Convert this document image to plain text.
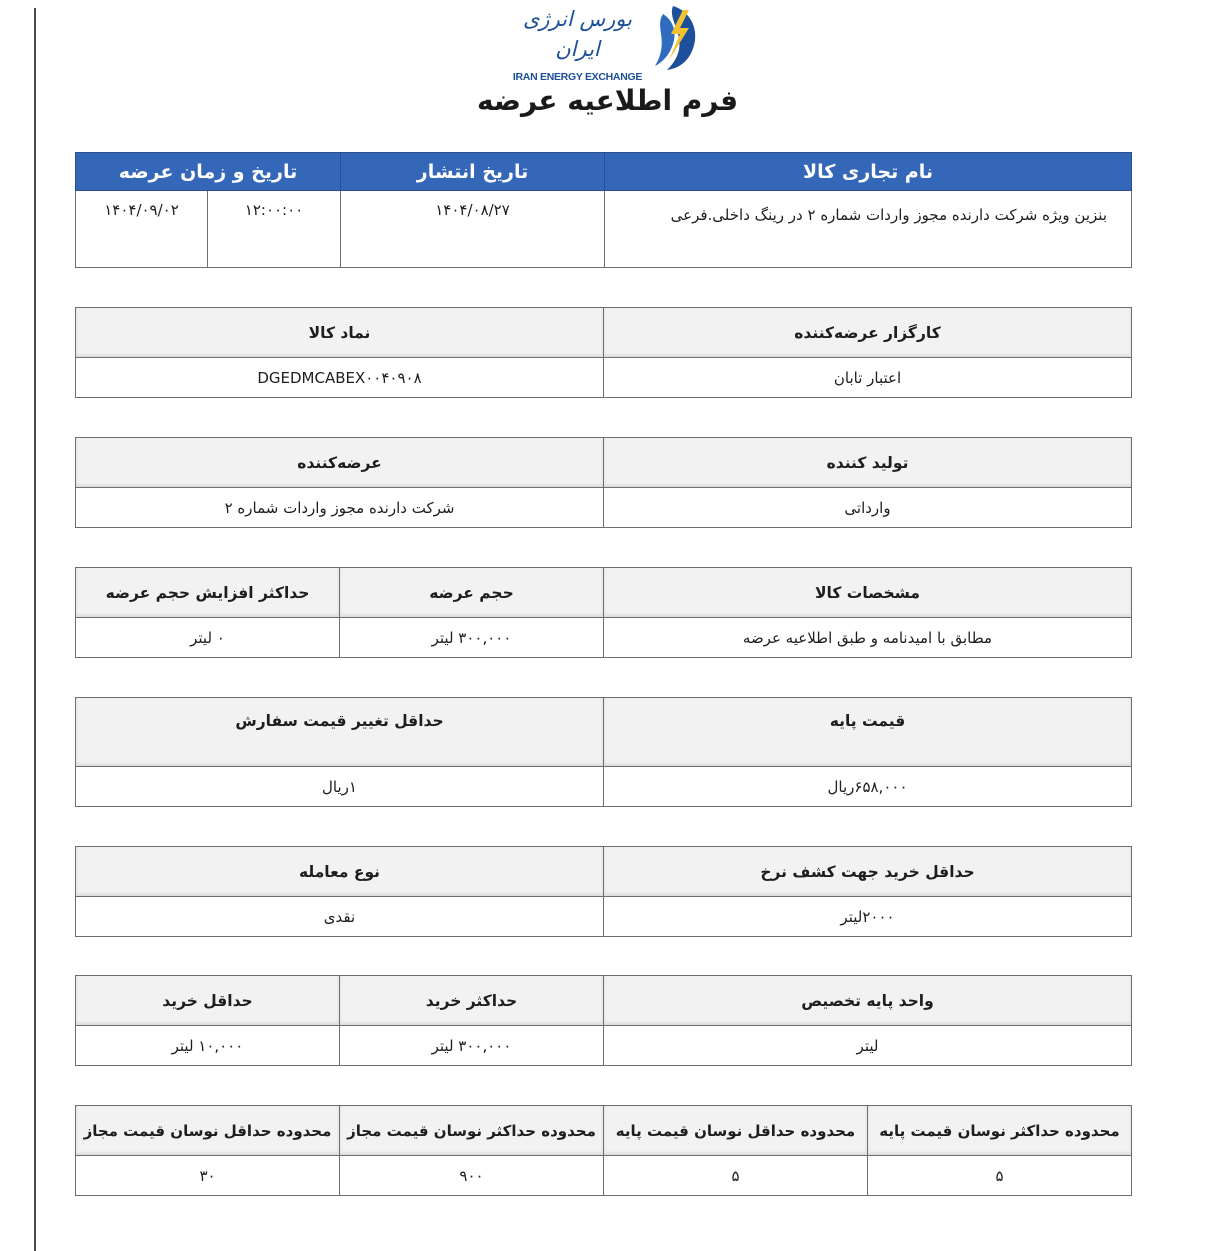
بورس انرژی ایران
IRAN ENERGY EXCHANGE
فرم اطلاعیه عرضه
نام تجاری کالا	تاریخ انتشار	تاریخ و زمان عرضه	
بنزین ویژه شرکت دارنده مجوز واردات شماره ۲ در رینگ داخلی.فرعی	۱۴۰۴/۰۸/۲۷	۱۲:۰۰:۰۰	۱۴۰۴/۰۹/۰۲
کارگزار عرضه‌کننده	نماد کالا
اعتبار تابان	DGEDMCABEX۰۰۴۰۹۰۸
تولید کننده	عرضه‌کننده
وارداتی	شرکت دارنده مجوز واردات شماره ۲
مشخصات کالا	حجم عرضه	حداکثر افزایش حجم عرضه
مطابق با امیدنامه و طبق اطلاعیه عرضه	۳۰۰,۰۰۰ لیتر	۰ لیتر
قیمت پایه	حداقل تغییر قیمت سفارش
۶۵۸,۰۰۰ریال	۱ریال
حداقل خرید جهت کشف نرخ	نوع معامله
۲۰۰۰لیتر	نقدی
واحد پایه تخصیص	حداکثر خرید	حداقل خرید
لیتر	۳۰۰,۰۰۰ لیتر	۱۰,۰۰۰ لیتر
محدوده حداکثر نوسان قیمت پایه	محدوده حداقل نوسان قیمت پایه	محدوده حداکثر نوسان قیمت مجاز	محدوده حداقل نوسان قیمت مجاز
۵	۵	۹۰۰	۳۰
